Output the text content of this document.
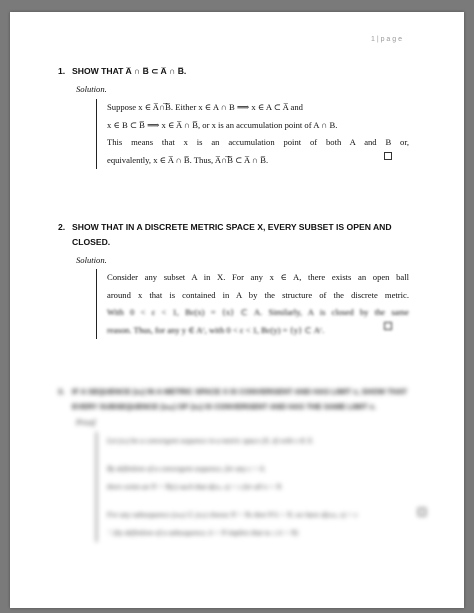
1 | p a g e
1. SHOW THAT A̅ ∩ B̅ ⊂ A̅ ∩ B̅.
Solution.
Suppose x ∈ A̅∩̅B̅. Either x ∈ A ∩ B ⟹ x ∈ A ⊂ A̅ and
x ∈ B ⊂ B̅ ⟹ x ∈ A̅ ∩ B̅, or x is an accumulation point of A ∩ B.
This means that x is an accumulation point of both A and B or,
equivalently, x ∈ A̅ ∩ B̅. Thus, A̅∩̅B̅ ⊂ A̅ ∩ B̅.
2. SHOW THAT IN A DISCRETE METRIC SPACE X, EVERY SUBSET IS OPEN AND
CLOSED.
Solution.
Consider any subset A in X. For any x ∈ A, there exists an open ball
around x that is contained in A by the structure of the discrete metric.
With 0 < ε < 1, Bε(x) = {x} ⊂ A. Similarly, A is closed by the same
reason. Thus, for any y ∈ Aᶜ, with 0 < ε < 1, Bε(y) = {y} ⊂ Aᶜ.
3. IF A SEQUENCE (xₙ) IN A METRIC SPACE X IS CONVERGENT AND HAS LIMIT x, SHOW THAT
EVERY SUBSEQUENCE (xₙₖ) OF (xₙ) IS CONVERGENT AND HAS THE SAME LIMIT x.
Proof
Let (xₙ) be a convergent sequence in a metric space (X, d) with x ∈ X.
By definition of a convergent sequence, for any ε > 0,
there exists an N = N(ε) such that d(xₙ, x) < ε for all n > N.
For any subsequence (xₙₖ) ⊂ (xₙ) choose N = Nₖ then ∀ k > N, we have d(xₙₖ, x) < ε
∵ (by definition of a subsequence, k > N implies that nₖ ≥ k > N)
